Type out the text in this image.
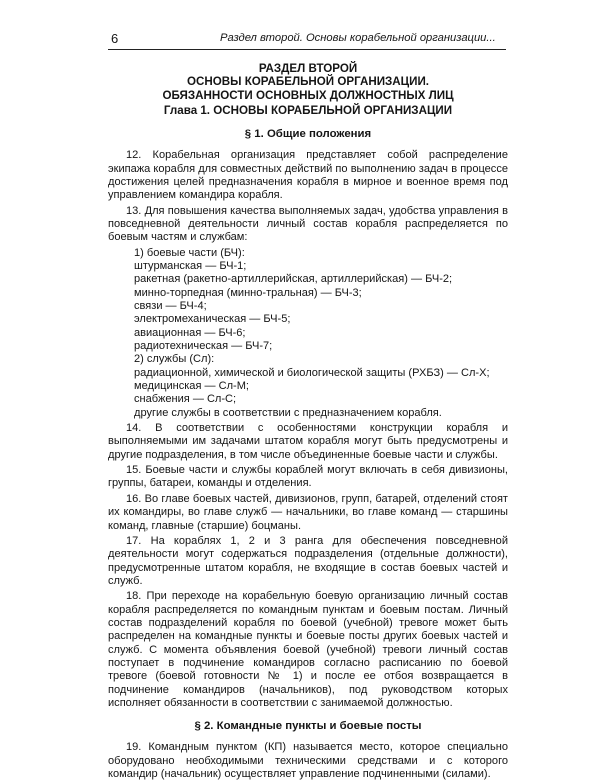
6	Раздел второй. Основы корабельной организации...
РАЗДЕЛ ВТОРОЙ
ОСНОВЫ КОРАБЕЛЬНОЙ ОРГАНИЗАЦИИ.
ОБЯЗАННОСТИ ОСНОВНЫХ ДОЛЖНОСТНЫХ ЛИЦ
Глава 1. ОСНОВЫ КОРАБЕЛЬНОЙ ОРГАНИЗАЦИИ
§ 1. Общие положения

12. Корабельная организация представляет собой распределение экипажа корабля для совместных действий по выполнению задач в процессе достижения целей предназначения корабля в мирное и военное время под управлением командира корабля.

13. Для повышения качества выполняемых задач, удобства управления в повседневной деятельности личный состав корабля распределяется по боевым частям и службам:

1) боевые части (БЧ):

штурманская — БЧ-1;

ракетная (ракетно-артиллерийская, артиллерийская) — БЧ-2;

минно-торпедная (минно-тральная) — БЧ-3;

связи — БЧ-4;

электромеханическая — БЧ-5;

авиационная — БЧ-6;

радиотехническая — БЧ-7;

2) службы (Сл):

радиационной, химической и биологической защиты (РХБЗ) — Сл-Х;

медицинская — Сл-М;

снабжения — Сл-С;

другие службы в соответствии с предназначением корабля.

14. В соответствии с особенностями конструкции корабля и выполняемыми им задачами штатом корабля могут быть предусмотрены и другие подразделения, в том числе объединенные боевые части и службы.

15. Боевые части и службы кораблей могут включать в себя дивизионы, группы, батареи, команды и отделения.

16. Во главе боевых частей, дивизионов, групп, батарей, отделений стоят их командиры, во главе служб — начальники, во главе команд — старшины команд, главные (старшие) боцманы.

17. На кораблях 1, 2 и 3 ранга для обеспечения повседневной деятельности могут содержаться подразделения (отдельные должности), предусмотренные штатом корабля, не входящие в состав боевых частей и служб.

18. При переходе на корабельную боевую организацию личный состав корабля распределяется по командным пунктам и боевым постам. Личный состав подразделений корабля по боевой (учебной) тревоге может быть распределен на командные пункты и боевые посты других боевых частей и служб. С момента объявления боевой (учебной) тревоги личный состав поступает в подчинение командиров согласно расписанию по боевой тревоге (боевой готовности № 1) и после ее отбоя возвращается в подчинение командиров (начальников), под руководством которых исполняет обязанности в соответствии с занимаемой должностью.

§ 2. Командные пункты и боевые посты

19. Командным пунктом (КП) называется место, которое специально оборудовано необходимыми техническими средствами и с которого командир (начальник) осуществляет управление подчиненными (силами).
